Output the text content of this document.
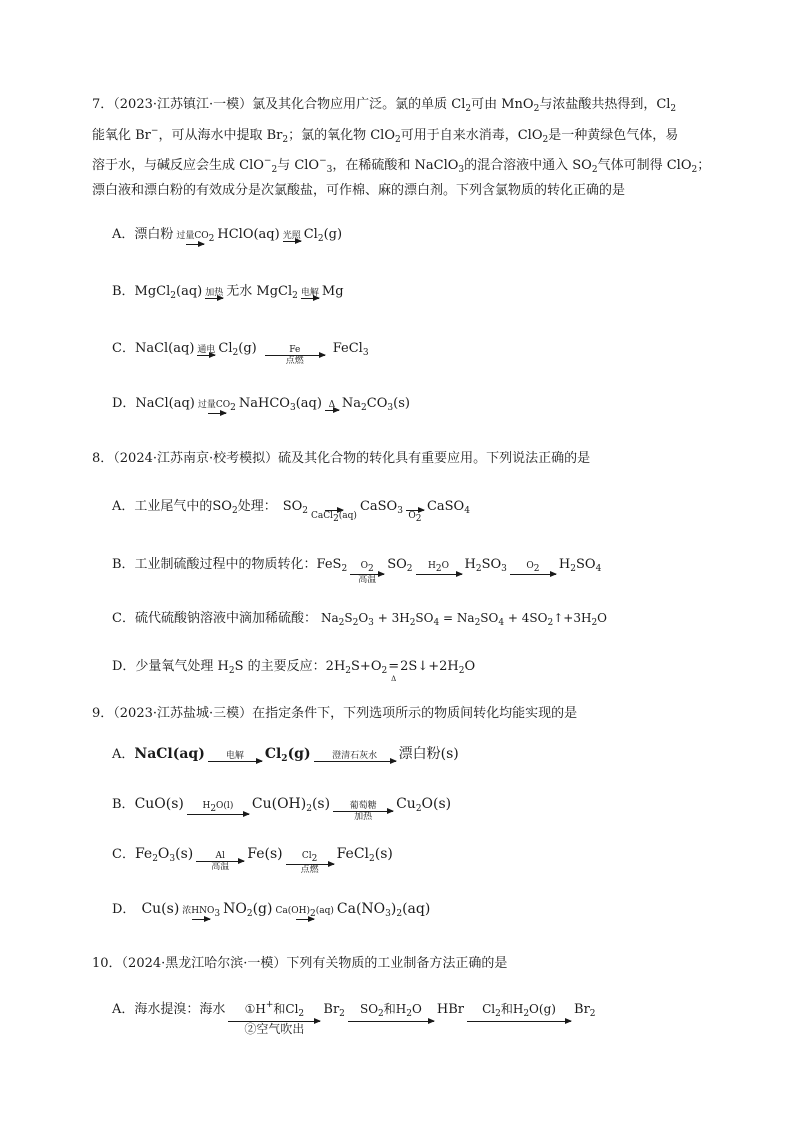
7．（2023·江苏镇江·一模）氯及其化合物应用广泛。氯的单质 $Cl_2$可由 MnO$_2$与浓盐酸共热得到，$Cl_2$
能氧化 Br−，可从海水中提取 $Br_2$；氯的氧化物 ClO$_2$可用于自来水消毒，ClO$_2$是一种黄绿色气体，易
溶于水，与碱反应会生成 ClO−$_2$与 ClO−$_3$，在稀硫酸和 NaClO$_3$的混合溶液中通入 $SO_2$气体可制得 ClO$_2$；
漂白液和漂白粉的有效成分是次氯酸盐，可作棉、麻的漂白剂。下列含氯物质的转化正确的是
A．漂白粉 过量$CO_2$ HClO(aq) 光照 $Cl_2(g)$
B．MgCl$_2$(aq) 加热 无水 MgCl$_2$ 电解 Mg
C．NaCl(aq) 通电 $Cl_2(g)$	Fe
点燃
FeCl$_3$
D．NaCl(aq) 过量$CO_2$ NaHCO$_3$(aq) Δ $Na_2CO_3(s)$
8．（2024·江苏南京·校考模拟）硫及其化合物的转化具有重要应用。下列说法正确的是
A．工业尾气中的$SO_2$处理： $SO_2$ CaCl$_2$(aq)
CaSO$_3$ $O_2$
CaSO$_4$
B．工业制硫酸过程中的物质转化：FeS$_2$ $O_2$
高温
$SO_2$ $H_2O$ $H_2SO_3$ $O_2$ $H_2SO_4$
C．硫代硫酸钠溶液中滴加稀硫酸： $Na_2S_2O_3 + 3H_2SO_4 = Na_2SO_4$ + $4SO_2↑+3H_2O$
D．少量氧气处理 $H_2S$ 的主要反应：$2H_2S+O_2$ =
Δ
$2S↓+2H_2O$
9．（2023·江苏盐城·三模）在指定条件下，下列选项所示的物质间转化均能实现的是
A． NaCl(aq) 电解 $Cl_2(g)$ 澄清石灰水 漂白粉(s)
B． CuO(s) $H_2O(l)$ $Cu(OH)_2(s)$ 葡萄糖
加热
$Cu_2O(s)$
C． $Fe_2O_3(s)$ Al
高温
Fe(s) $Cl_2$
点燃
FeCl$_2$(s)
D． Cu(s) 浓$HNO_3$ $NO_2(g)$ $Ca(OH)_2(aq)$ $Ca(NO_3)_2(aq)$
10．（2024·黑龙江哈尔滨·一模）下列有关物质的工业制备方法正确的是
A．海水提溴：海水 ①H+和$Cl_2$
②空气吹出
$Br_2$ $SO_2$和$H_2O$ HBr $Cl_2$和$H_2O(g)$ $Br_2$
